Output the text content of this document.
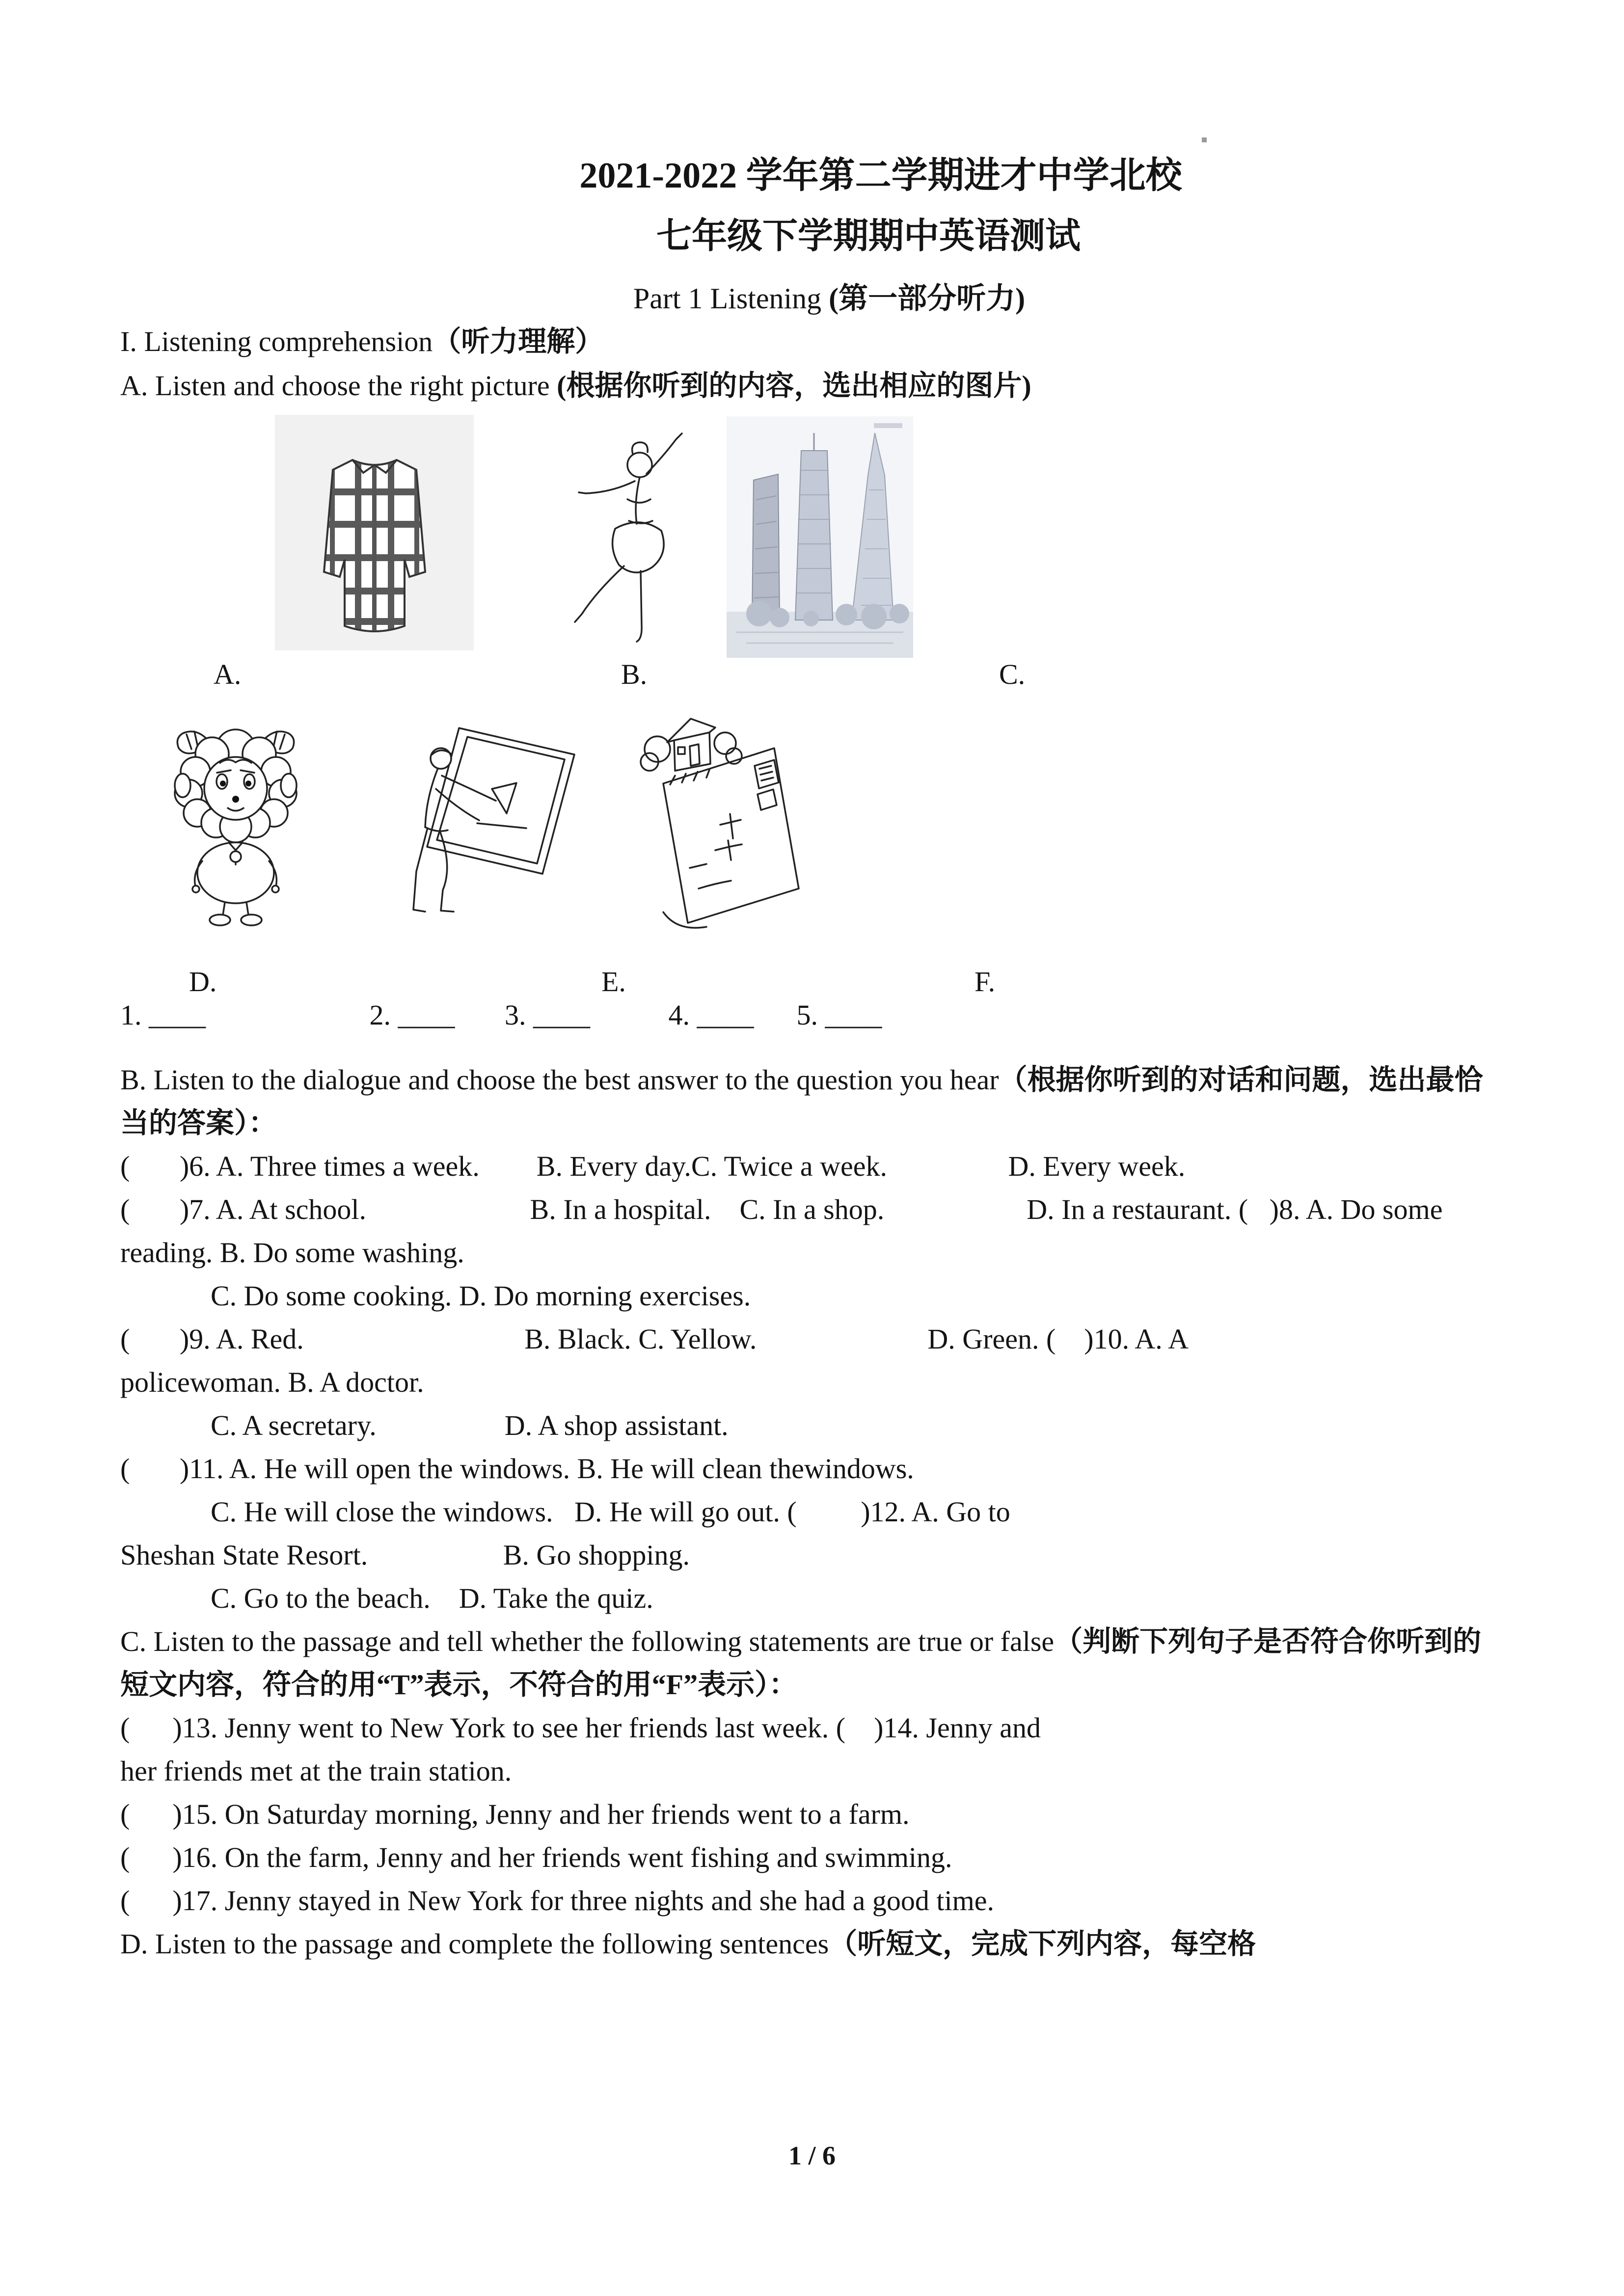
2021-2022 学年第二学期进才中学北校
七年级下学期期中英语测试
Part 1 Listening (第一部分听力)
I. Listening comprehension（听力理解）
A. Listen and choose the right picture (根据你听到的内容，选出相应的图片)
A.	B.	C.
D.	E.	F.
1. ____                       2. ____       3. ____           4. ____      5. ____
B. Listen to the dialogue and choose the best answer to the question you hear（根据你听到的对话和问题，选出最恰
当的答案）：
(       )6. A. Three times a week.        B. Every day.C. Twice a week.                 D. Every week.
(       )7. A. At school.                       B. In a hospital.    C. In a shop.                    D. In a restaurant. (   )8. A. Do some
reading. B. Do some washing.
C. Do some cooking. D. Do morning exercises.
(       )9. A. Red.                               B. Black. C. Yellow.                        D. Green. (    )10. A. A
policewoman. B. A doctor.
C. A secretary.                  D. A shop assistant.
(       )11. A. He will open the windows. B. He will clean thewindows.
C. He will close the windows.   D. He will go out. (         )12. A. Go to
Sheshan State Resort.                   B. Go shopping.
C. Go to the beach.    D. Take the quiz.
C. Listen to the passage and tell whether the following statements are true or false（判断下列句子是否符合你听到的
短文内容，符合的用“T”表示，不符合的用“F”表示）：
(      )13. Jenny went to New York to see her friends last week. (    )14. Jenny and
her friends met at the train station.
(      )15. On Saturday morning, Jenny and her friends went to a farm.
(      )16. On the farm, Jenny and her friends went fishing and swimming.
(      )17. Jenny stayed in New York for three nights and she had a good time.
D. Listen to the passage and complete the following sentences（听短文，完成下列内容，每空格
1 / 6
